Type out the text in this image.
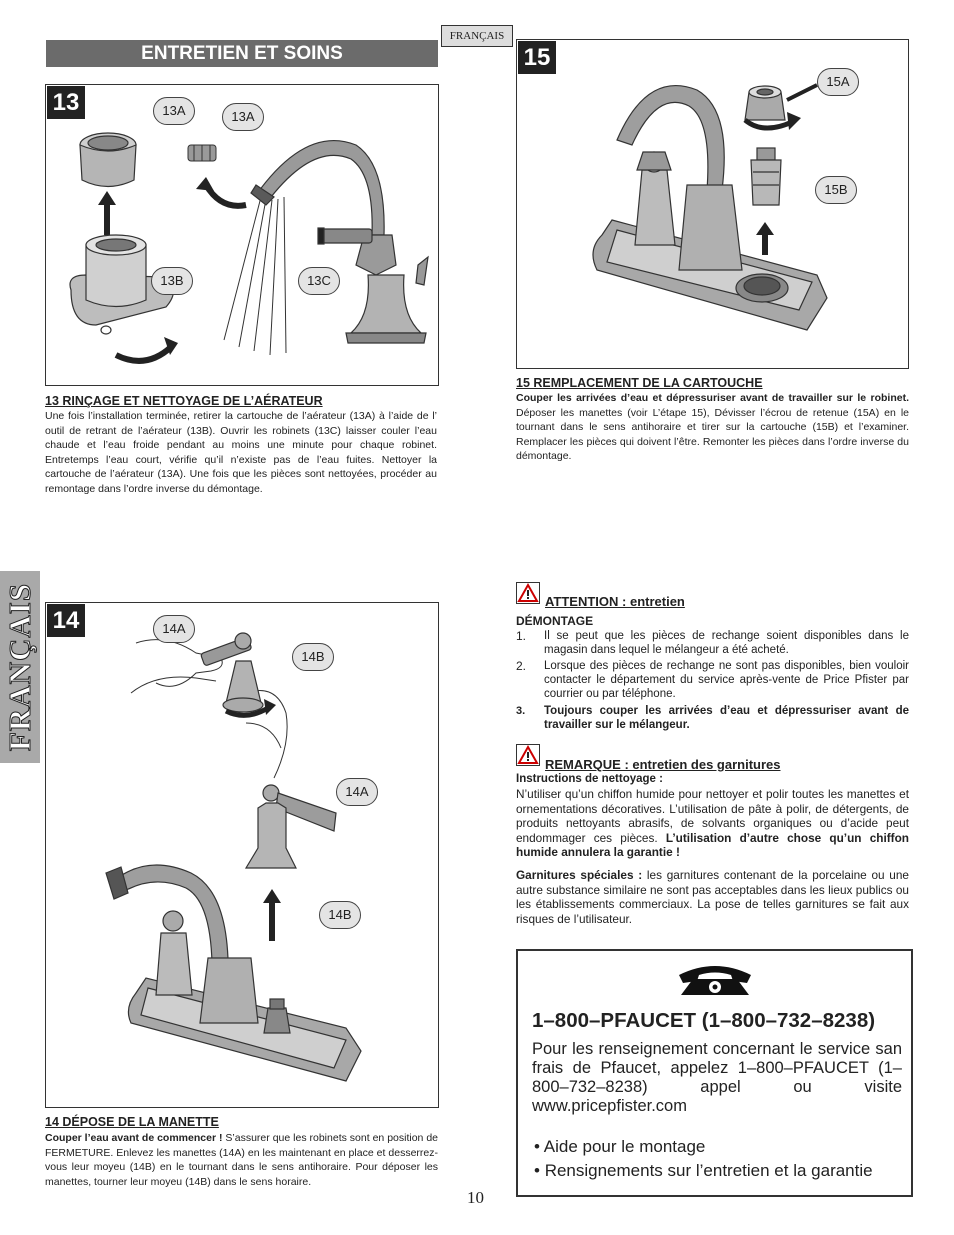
FRANÇAIS
ENTRETIEN ET SOINS
FRANÇAIS
13	13A	13A
13B	13C
13 RINÇAGE ET NETTOYAGE DE L’AÉRATEUR
Une fois l’installation terminée, retirer la cartouche de l’aérateur (13A) à l’aide de l’ outil de retrant de l’aérateur (13B). Ouvrir les robinets (13C) laisser couler l’eau chaude et l’eau froide pendant au moins une minute pour chaque robinet. Entretemps l’eau court, vérifie qu’il n’existe pas de l’eau fuites. Nettoyer la cartouche de l’aérateur (13A). Une fois que les pièces sont nettoyées, procéder au remontage dans l’ordre inverse du démontage.
15
15A
15B
15 REMPLACEMENT DE LA CARTOUCHE
Couper les arrivées d’eau et dépressuriser avant de travailler sur le robinet. Déposer les manettes (voir L’étape 15), Dévisser l’écrou de retenue (15A) en le tournant dans le sens antihoraire et tirer sur la cartouche (15B) et l’examiner. Remplacer les pièces qui doivent l’être. Remonter les pièces dans l’ordre inverse du démontage.
14	14A
14B
14A
14B
14 DÉPOSE DE LA MANETTE
Couper l’eau avant de commencer ! S’assurer que les robinets sont en position de FERMETURE. Enlevez les manettes (14A) en les maintenant en place et desserrez-vous leur moyeu (14B) en le tournant dans le sens antihoraire. Pour déposer les manettes, tourner leur moyeu (14B) dans le sens horaire.
ATTENTION : entretien
DÉMONTAGE
1. Il se peut que les pièces de rechange soient disponibles dans le magasin dans lequel le mélangeur a été acheté.
2. Lorsque des pièces de rechange ne sont pas disponibles, bien vouloir contacter le département du service après-vente de Price Pfister par courrier ou par téléphone.
3. Toujours couper les arrivées d’eau et dépressuriser avant de travailler sur le mélangeur.
REMARQUE : entretien des garnitures
Instructions de nettoyage :
N’utiliser qu’un chiffon humide pour nettoyer et polir toutes les manettes et ornementations décoratives. L’utilisation de pâte à polir, de détergents, de produits nettoyants abrasifs, de solvants organiques ou d’acide peut endommager ces pièces. L’utilisation d’autre chose qu’un chiffon humide annulera la garantie !
Garnitures spéciales : les garnitures contenant de la porcelaine ou une autre substance similaire ne sont pas acceptables dans les lieux publics ou les établissements commerciaux. La pose de telles garnitures se fait aux risques de l’utilisateur.
1–800–PFAUCET (1–800–732–8238)
Pour les renseignement concernant le service san frais de Pfaucet, appelez 1–800–PFAUCET (1–800–732–8238) appel ou visite www.pricepfister.com
• Aide pour le montage
• Rensignements sur l’entretien et la garantie
10
